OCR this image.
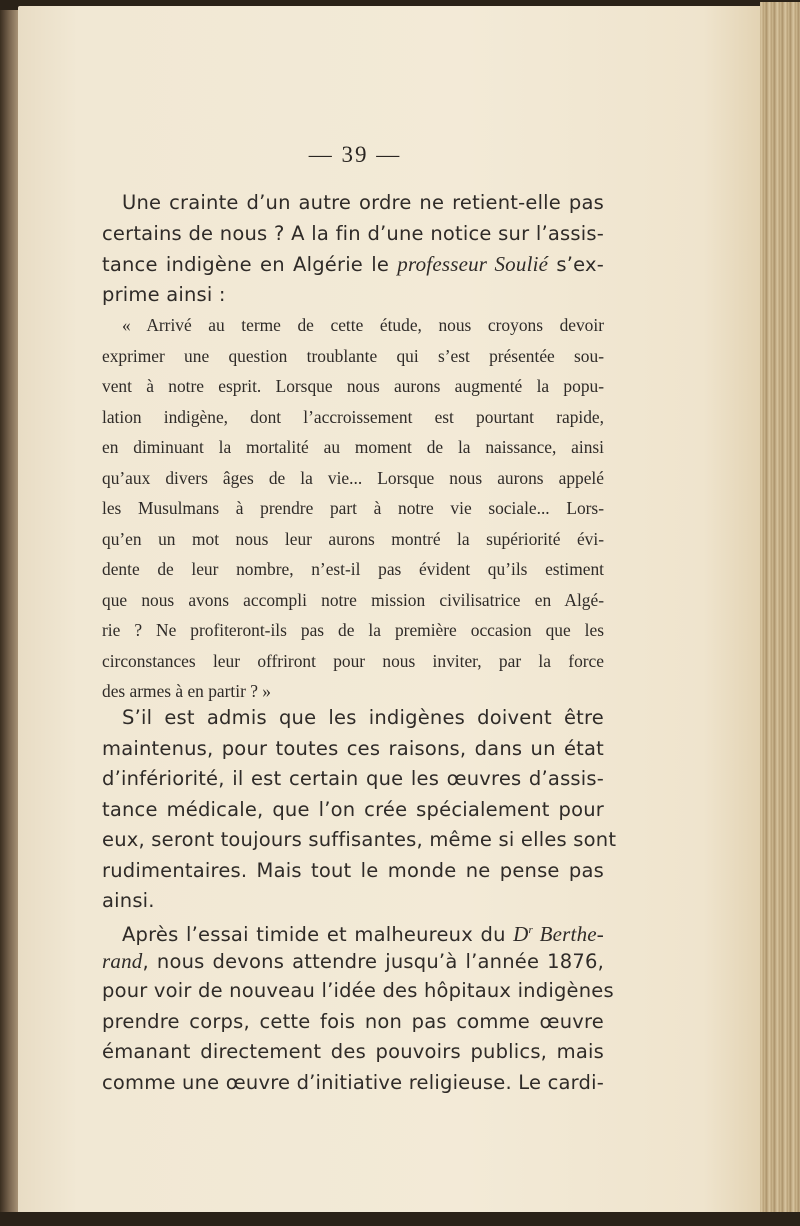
— 39 —
Une crainte d’un autre ordre ne retient-elle pas
certains de nous ? A la fin d’une notice sur l’assis-
tance indigène en Algérie le professeur Soulié s’ex-
prime ainsi :
« Arrivé au terme de cette étude, nous croyons devoir
exprimer une question troublante qui s’est présentée sou-
vent à notre esprit. Lorsque nous aurons augmenté la popu-
lation indigène, dont l’accroissement est pourtant rapide,
en diminuant la mortalité au moment de la naissance, ainsi
qu’aux divers âges de la vie... Lorsque nous aurons appelé
les Musulmans à prendre part à notre vie sociale... Lors-
qu’en un mot nous leur aurons montré la supériorité évi-
dente de leur nombre, n’est-il pas évident qu’ils estiment
que nous avons accompli notre mission civilisatrice en Algé-
rie ? Ne profiteront-ils pas de la première occasion que les
circonstances leur offriront pour nous inviter, par la force
des armes à en partir ? »
S’il est admis que les indigènes doivent être
maintenus, pour toutes ces raisons, dans un état
d’infériorité, il est certain que les œuvres d’assis-
tance médicale, que l’on crée spécialement pour
eux, seront toujours suffisantes, même si elles sont
rudimentaires. Mais tout le monde ne pense pas
ainsi.
Après l’essai timide et malheureux du $D^r$ Berthe-
rand, nous devons attendre jusqu’à l’année 1876,
pour voir de nouveau l’idée des hôpitaux indigènes
prendre corps, cette fois non pas comme œuvre
émanant directement des pouvoirs publics, mais
comme une œuvre d’initiative religieuse. Le cardi-
